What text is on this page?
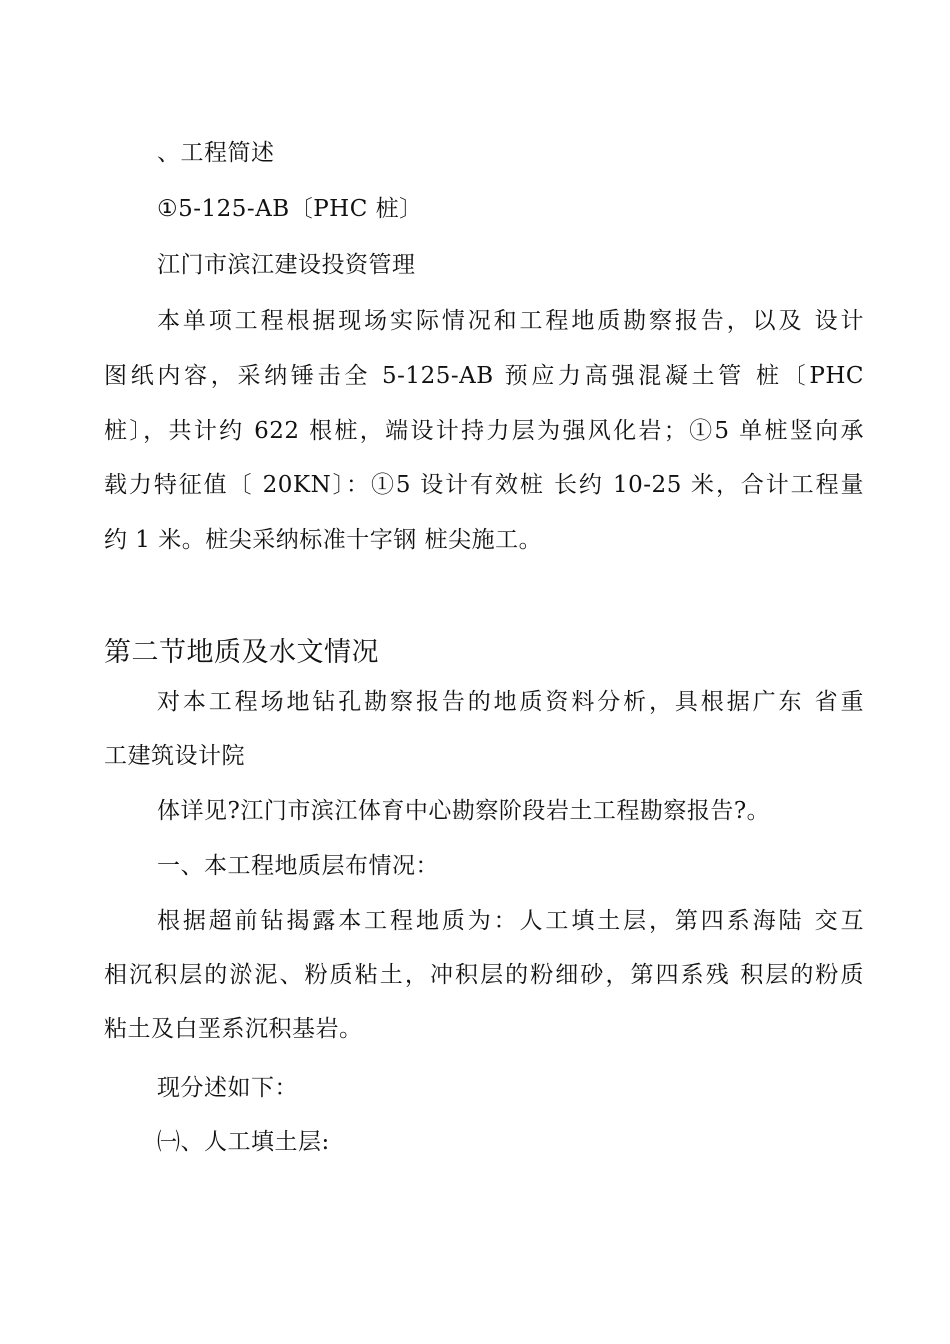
、工程简述
①5-125-AB〔PHC 桩〕
江门市滨江建设投资管理
本单项工程根据现场实际情况和工程地质勘察报告，以及 设计
图纸内容，采纳锤击全 5-125-AB 预应力高强混凝土管 桩〔PHC
桩〕，共计约 622 根桩，端设计持力层为强风化岩；①5 单桩竖向承
载力特征值〔 20KN〕：①5 设计有效桩 长约 10-25 米，合计工程量
约 1 米。桩尖采纳标准十字钢 桩尖施工。
第二节地质及水文情况
对本工程场地钻孔勘察报告的地质资料分析，具根据广东 省重
工建筑设计院
体详见?江门市滨江体育中心勘察阶段岩土工程勘察报告?。
一、本工程地质层布情况：
根据超前钻揭露本工程地质为：人工填土层，第四系海陆 交互
相沉积层的淤泥、粉质粘土，冲积层的粉细砂，第四系残 积层的粉质
粘土及白垩系沉积基岩。
现分述如下：
㈠、人工填土层:
